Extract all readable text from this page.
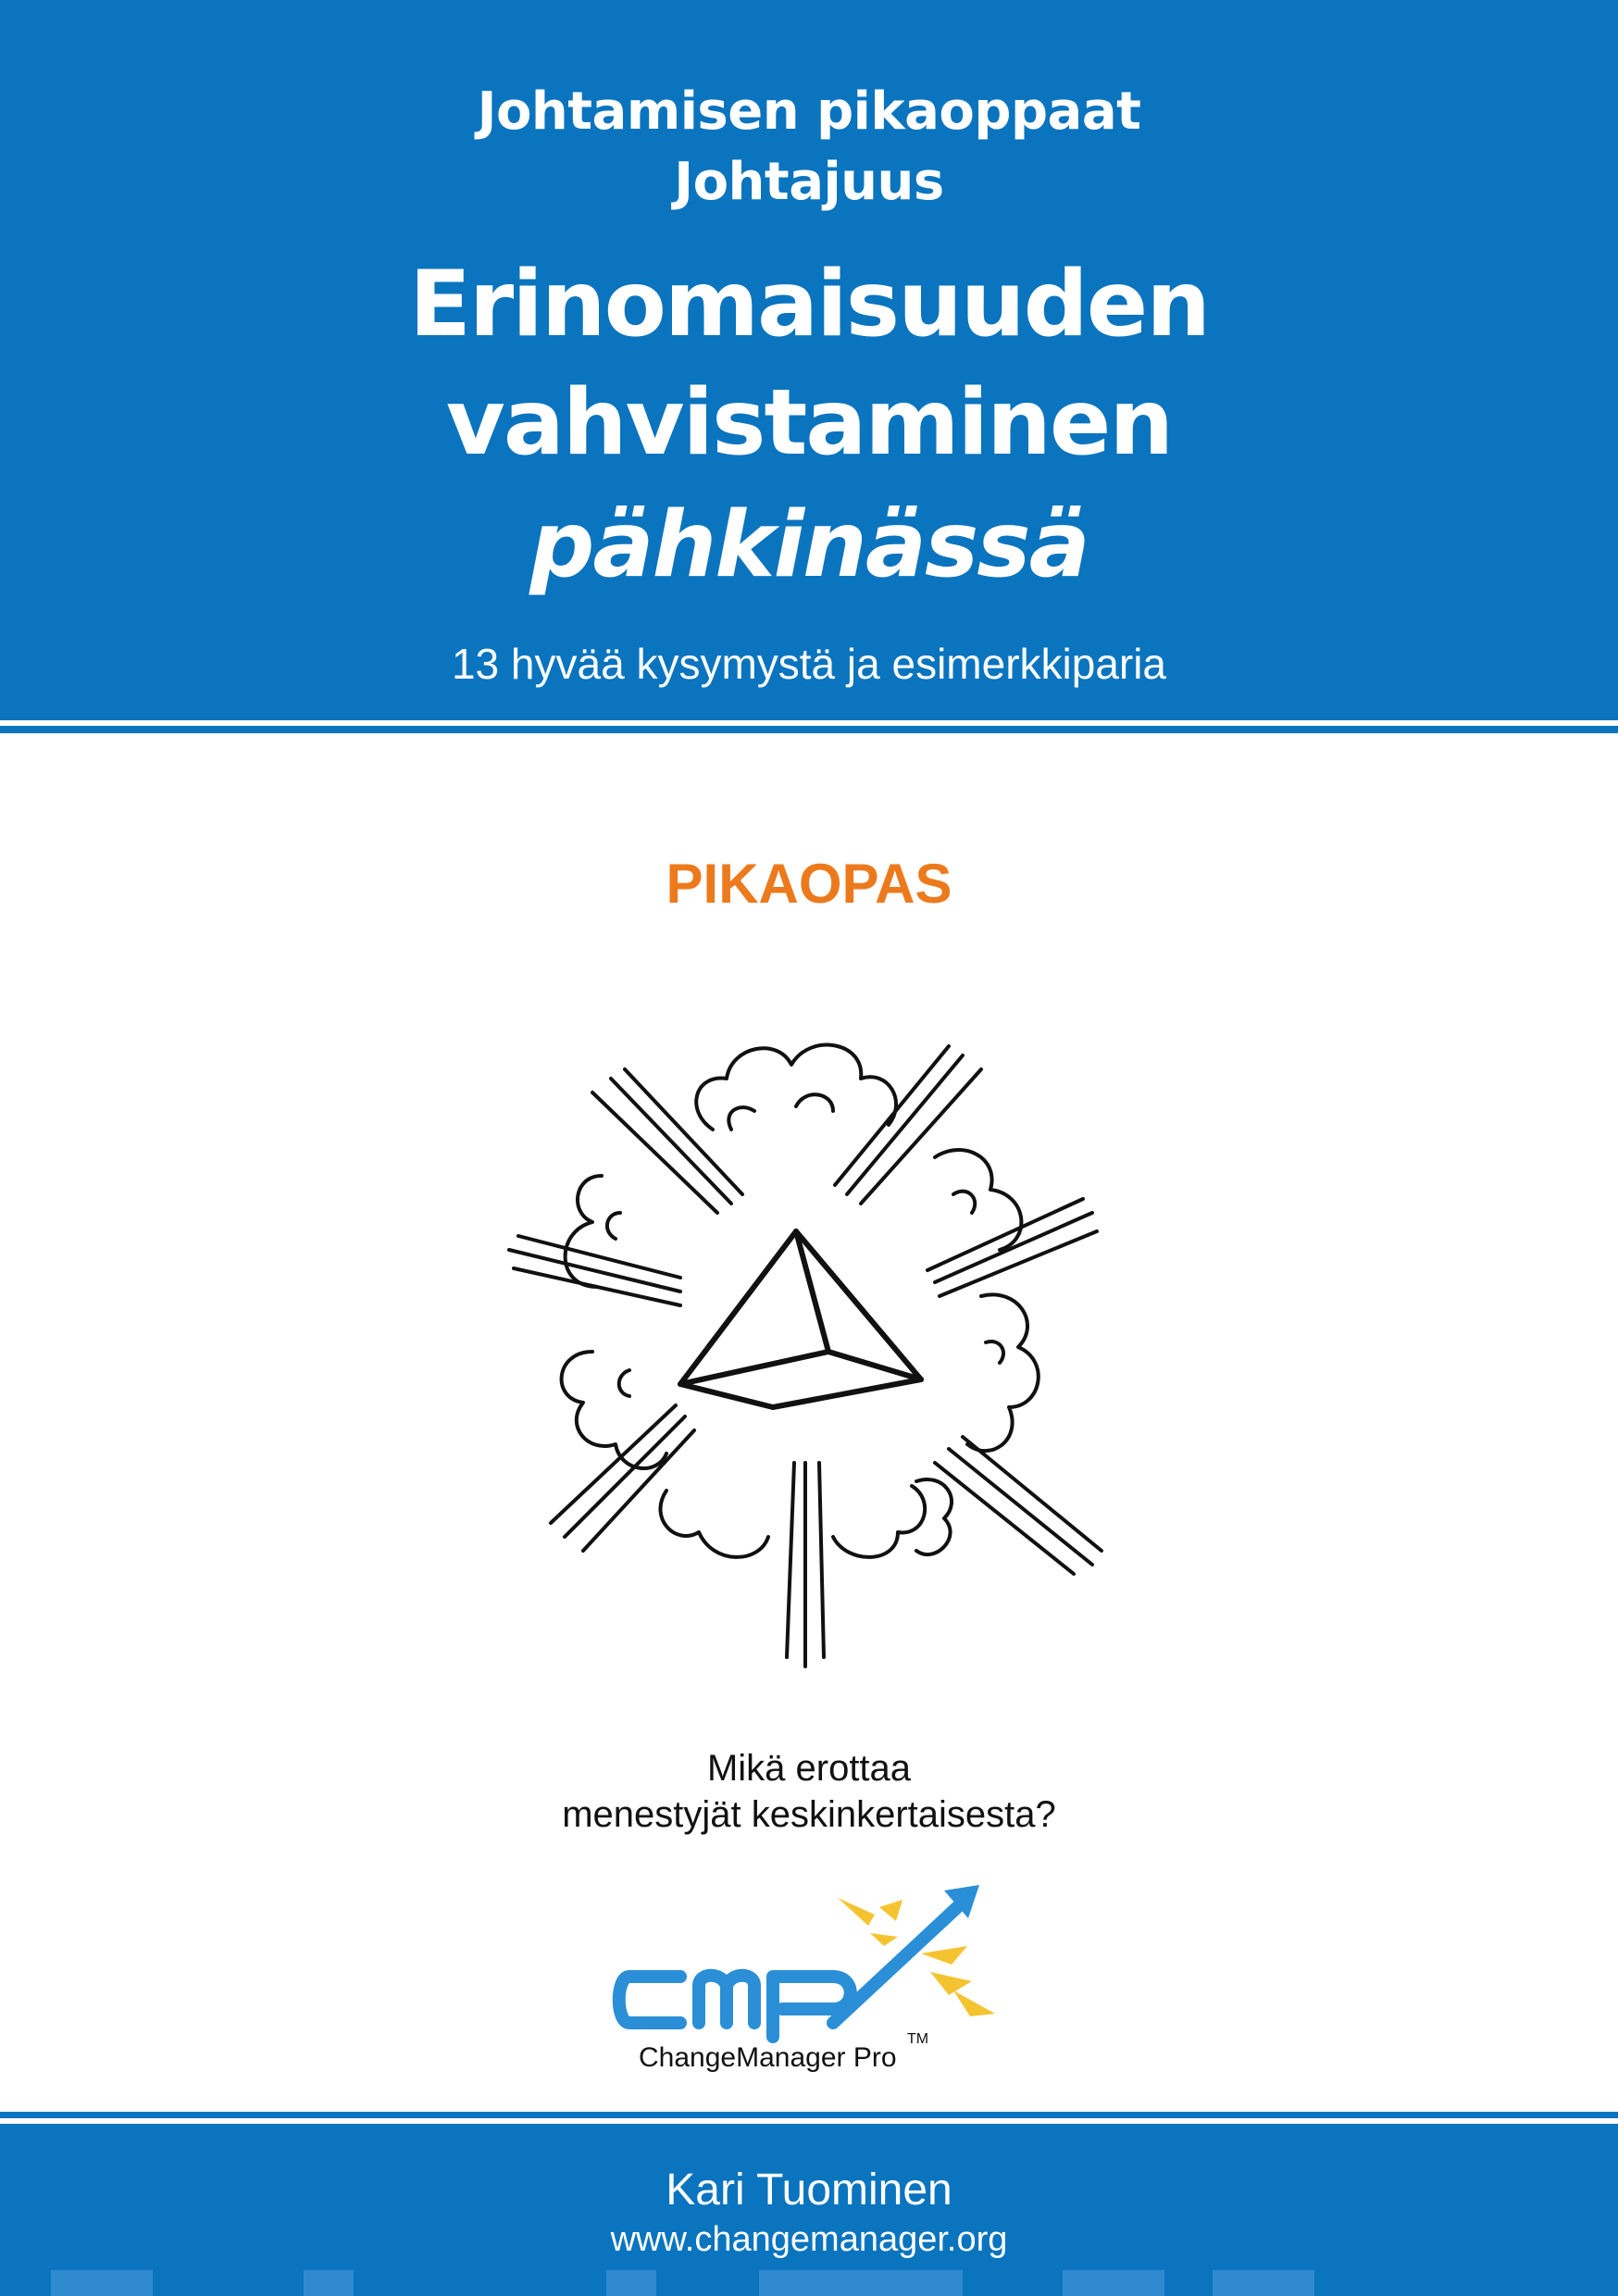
Johtamisen pikaoppaat
Johtajuus
Erinomaisuuden
vahvistaminen
pähkinässä
13 hyvää kysymystä ja esimerkkiparia
PIKAOPAS
Mikä erottaa
menestyjät keskinkertaisesta?
ChangeManager Pro
TM
Kari Tuominen
www.changemanager.org
